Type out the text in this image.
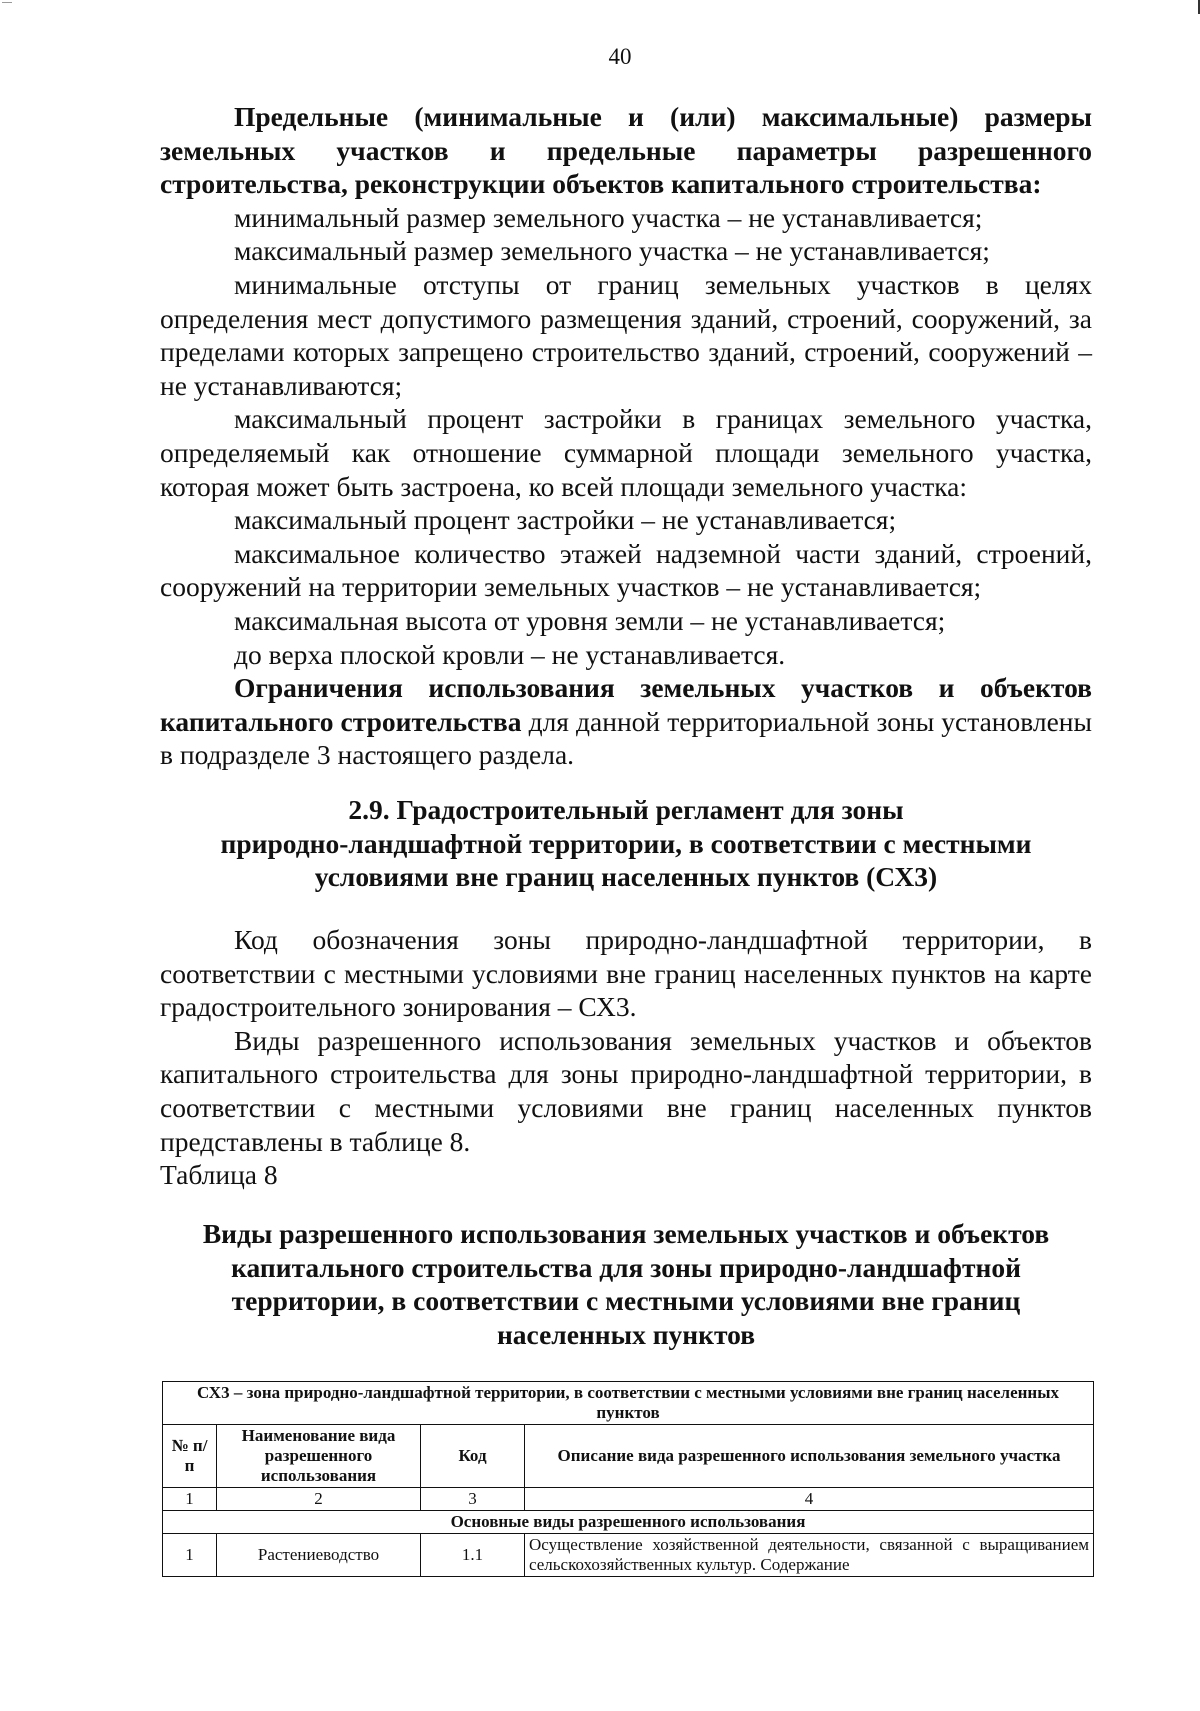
40

Предельные (минимальные и (или) максимальные) размеры земельных участков и предельные параметры разрешенного строительства, реконструкции объектов капитального строительства:

минимальный размер земельного участка – не устанавливается;

максимальный размер земельного участка – не устанавливается;

минимальные отступы от границ земельных участков в целях определения мест допустимого размещения зданий, строений, сооружений, за пределами которых запрещено строительство зданий, строений, сооружений – не устанавливаются;

максимальный процент застройки в границах земельного участка, определяемый как отношение суммарной площади земельного участка, которая может быть застроена, ко всей площади земельного участка:

максимальный процент застройки – не устанавливается;

максимальное количество этажей надземной части зданий, строений, сооружений на территории земельных участков – не устанавливается;

максимальная высота от уровня земли – не устанавливается;

до верха плоской кровли – не устанавливается.

Ограничения использования земельных участков и объектов капитального строительства для данной территориальной зоны установлены в подразделе 3 настоящего раздела.

2.9. Градостроительный регламент для зоны

природно-ландшафтной территории, в соответствии с местными

условиями вне границ населенных пунктов (СХ3)

Код обозначения зоны природно-ландшафтной территории, в соответствии с местными условиями вне границ населенных пунктов на карте градостроительного зонирования – СХ3.

Виды разрешенного использования земельных участков и объектов капитального строительства для зоны природно-ландшафтной территории, в соответствии с местными условиями вне границ населенных пунктов представлены в таблице 8.

Таблица 8

Виды разрешенного использования земельных участков и объектов

капитального строительства для зоны природно-ландшафтной

территории, в соответствии с местными условиями вне границ

населенных пунктов

СХ3 – зона природно-ландшафтной территории, в соответствии с местными условиями вне границ населенных пунктов			
№ п/п	Наименование вида разрешенного использования	Код	Описание вида разрешенного использования земельного участка
1	2	3	4
Основные виды разрешенного использования			
1	Растениеводство	1.1	Осуществление хозяйственной деятельности, связанной с выращиванием сельскохозяйственных культур. Содержание
